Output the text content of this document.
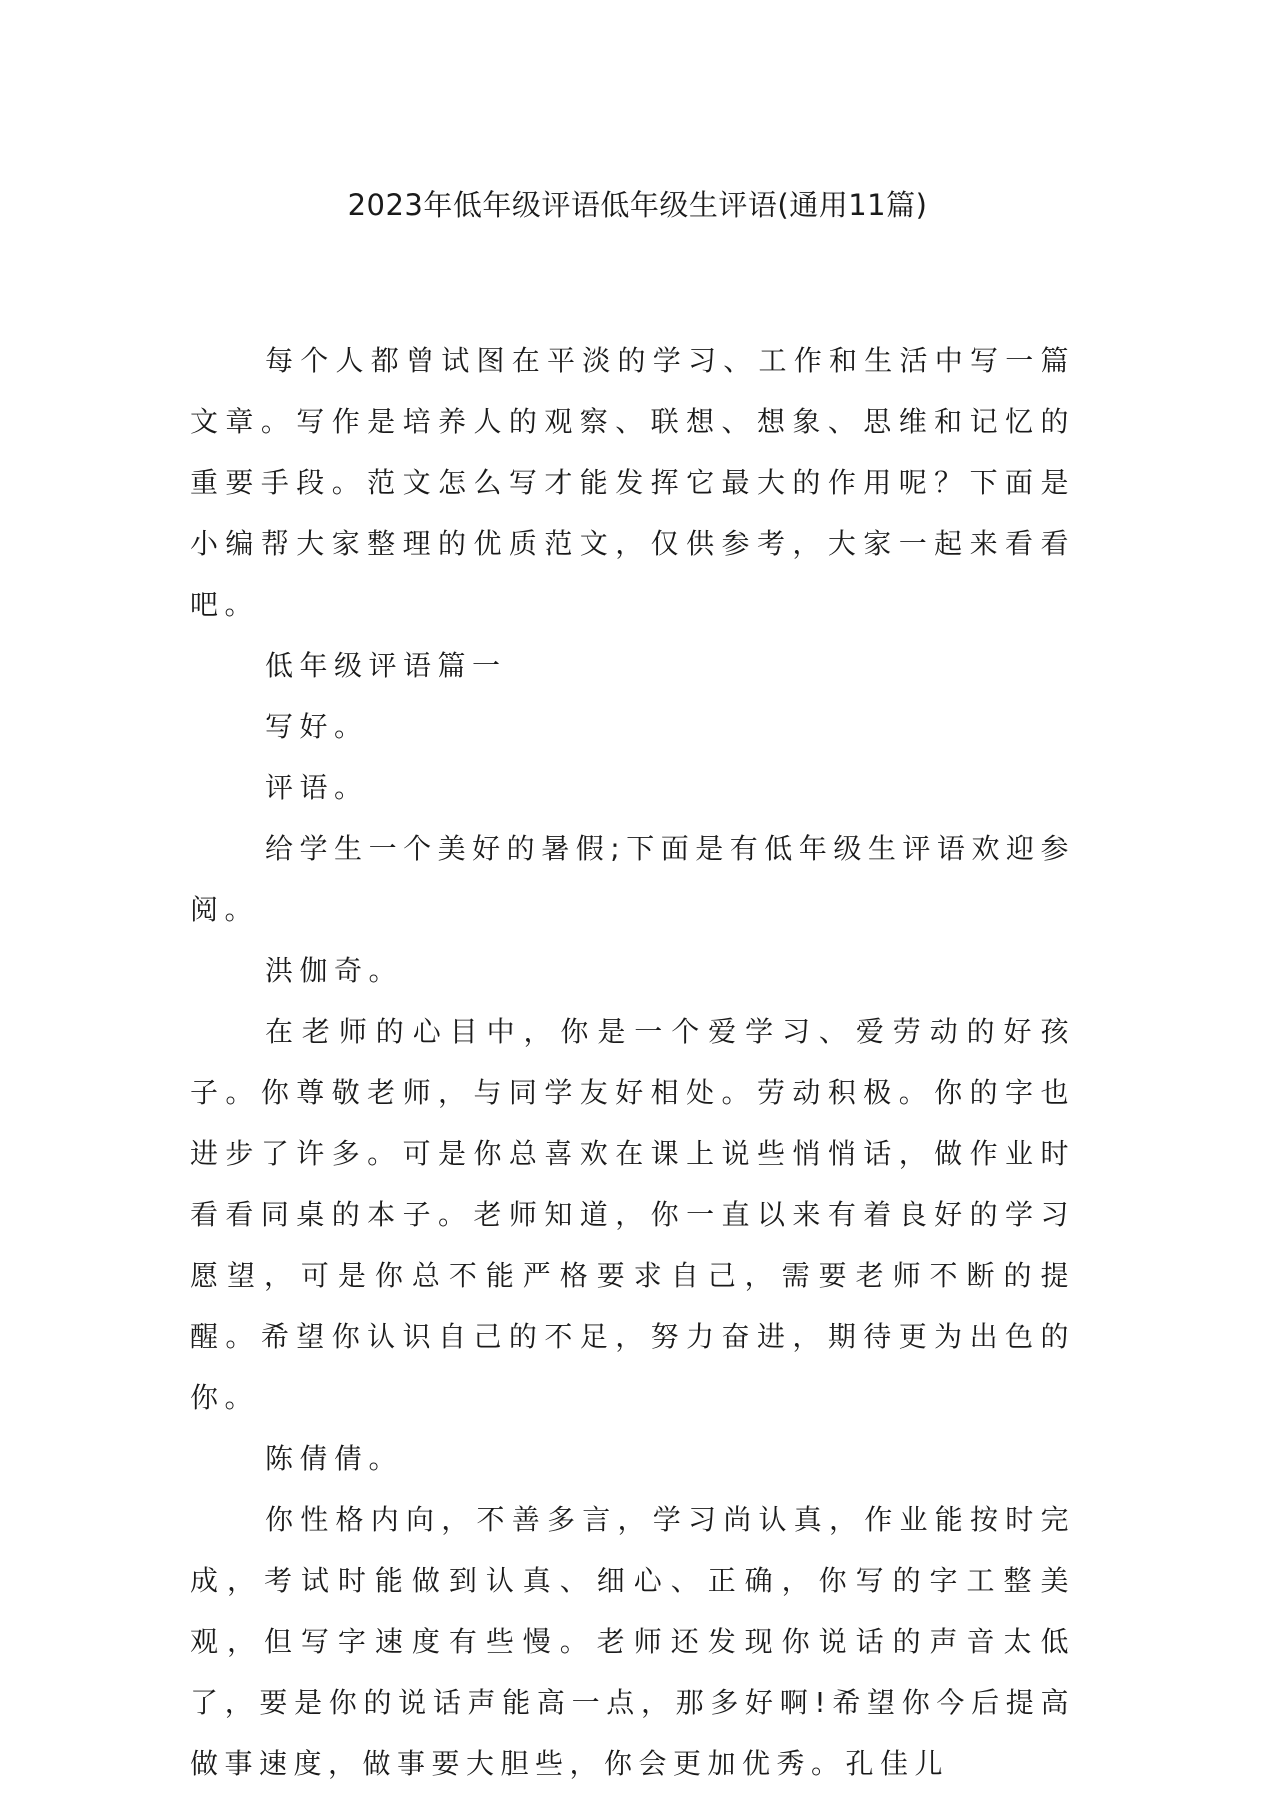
2023年低年级评语低年级生评语(通用11篇)

每个人都曾试图在平淡的学习、工作和生活中写一篇文章。写作是培养人的观察、联想、想象、思维和记忆的重要手段。范文怎么写才能发挥它最大的作用呢？下面是小编帮大家整理的优质范文，仅供参考，大家一起来看看吧。

低年级评语篇一

写好。

评语。

给学生一个美好的暑假;下面是有低年级生评语欢迎参阅。

洪伽奇。

在老师的心目中，你是一个爱学习、爱劳动的好孩子。你尊敬老师，与同学友好相处。劳动积极。你的字也进步了许多。可是你总喜欢在课上说些悄悄话，做作业时看看同桌的本子。老师知道，你一直以来有着良好的学习愿望，可是你总不能严格要求自己，需要老师不断的提醒。希望你认识自己的不足，努力奋进，期待更为出色的你。

陈倩倩。

你性格内向，不善多言，学习尚认真，作业能按时完成，考试时能做到认真、细心、正确，你写的字工整美观，但写字速度有些慢。老师还发现你说话的声音太低了，要是你的说话声能高一点，那多好啊!希望你今后提高做事速度，做事要大胆些，你会更加优秀。孔佳儿
